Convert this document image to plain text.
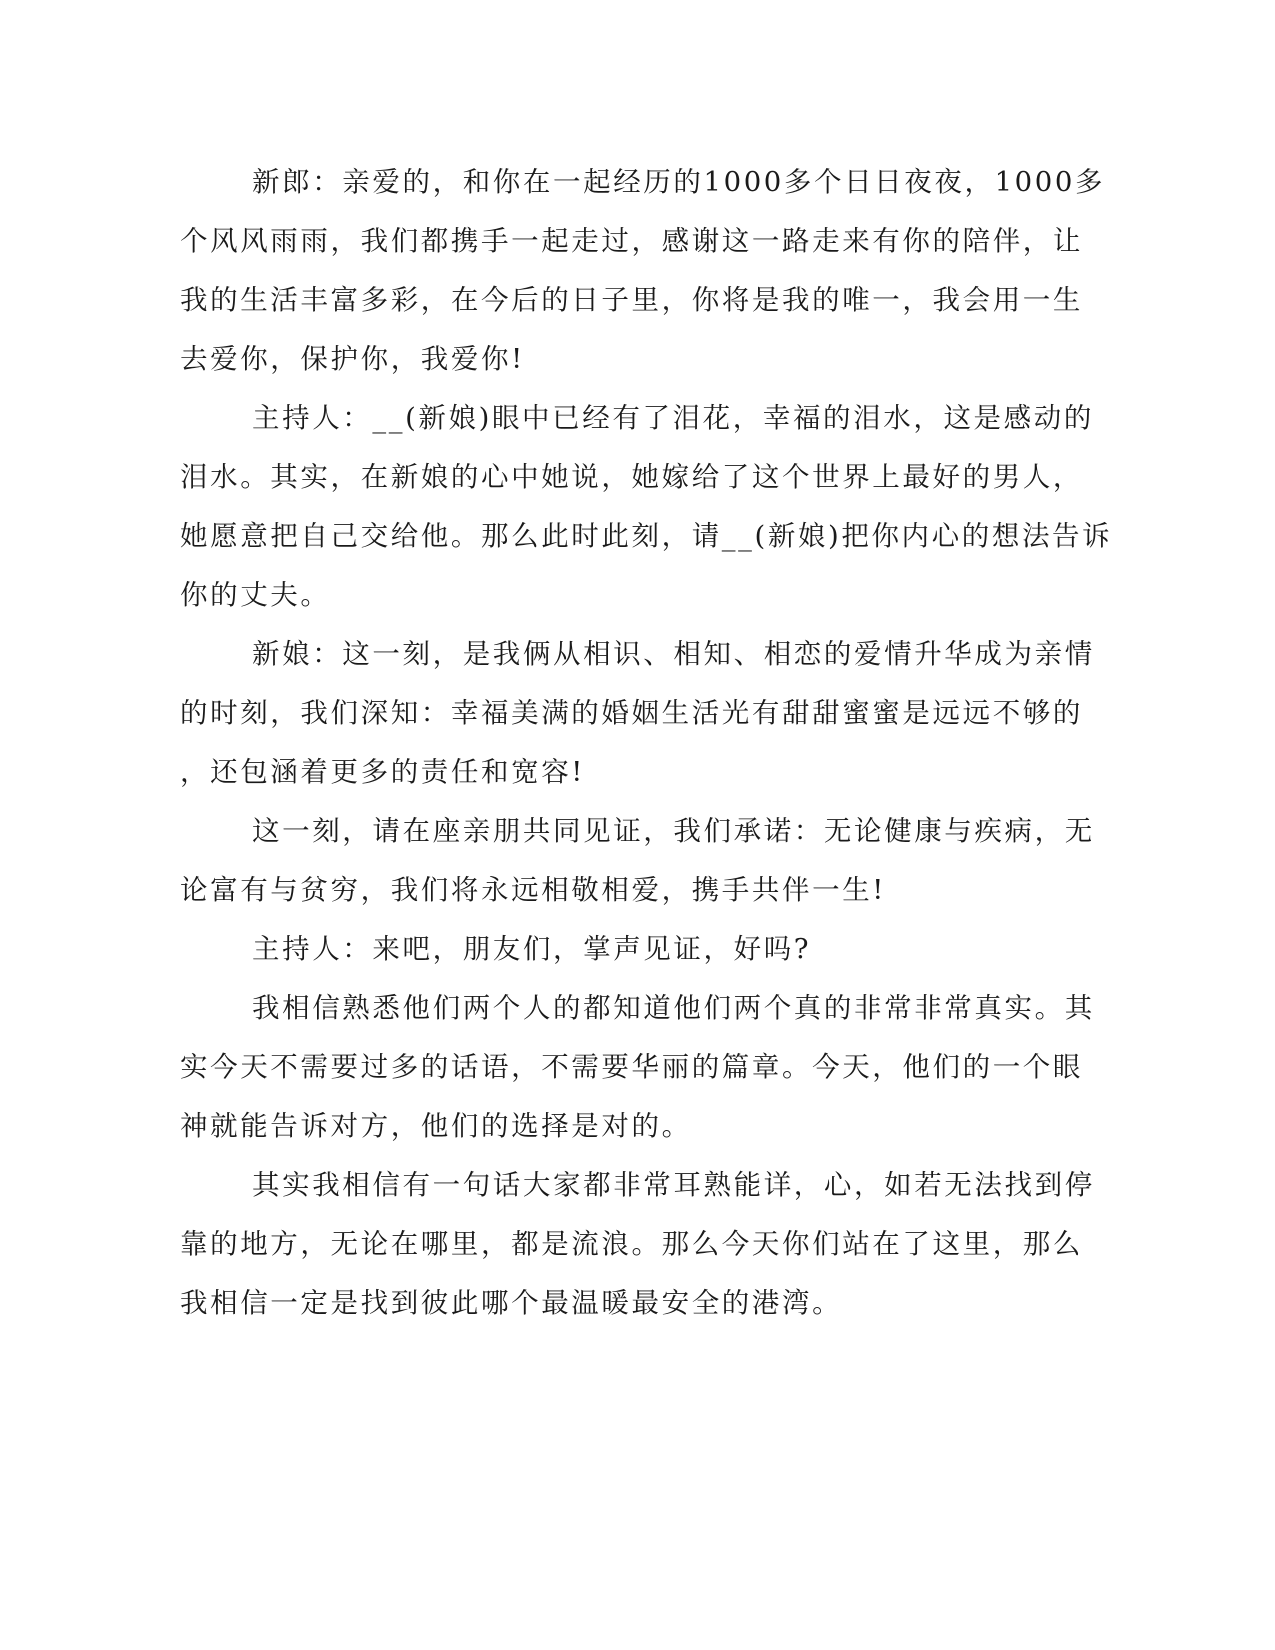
新郎：亲爱的，和你在一起经历的1000多个日日夜夜，1000多
个风风雨雨，我们都携手一起走过，感谢这一路走来有你的陪伴，让
我的生活丰富多彩，在今后的日子里，你将是我的唯一，我会用一生
去爱你，保护你，我爱你!
主持人：__(新娘)眼中已经有了泪花，幸福的泪水，这是感动的
泪水。其实，在新娘的心中她说，她嫁给了这个世界上最好的男人，
她愿意把自己交给他。那么此时此刻，请__(新娘)把你内心的想法告诉
你的丈夫。
新娘：这一刻，是我俩从相识、相知、相恋的爱情升华成为亲情
的时刻，我们深知：幸福美满的婚姻生活光有甜甜蜜蜜是远远不够的
，还包涵着更多的责任和宽容!
这一刻，请在座亲朋共同见证，我们承诺：无论健康与疾病，无
论富有与贫穷，我们将永远相敬相爱，携手共伴一生!
主持人：来吧，朋友们，掌声见证，好吗?
我相信熟悉他们两个人的都知道他们两个真的非常非常真实。其
实今天不需要过多的话语，不需要华丽的篇章。今天，他们的一个眼
神就能告诉对方，他们的选择是对的。
其实我相信有一句话大家都非常耳熟能详，心，如若无法找到停
靠的地方，无论在哪里，都是流浪。那么今天你们站在了这里，那么
我相信一定是找到彼此哪个最温暖最安全的港湾。
